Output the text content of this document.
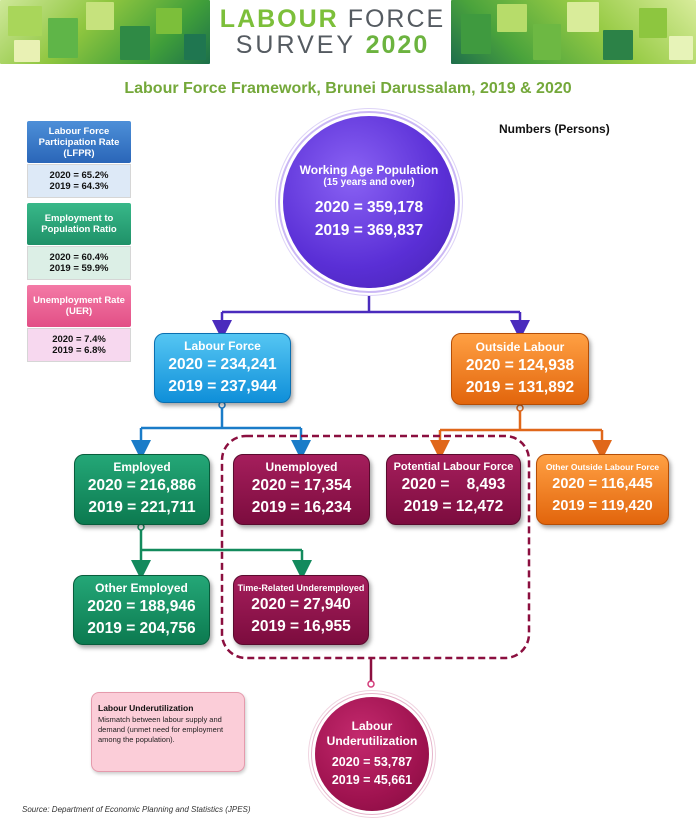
LABOUR FORCE
SURVEY 2020
Labour Force Framework, Brunei Darussalam, 2019 & 2020
Numbers (Persons)
Labour Force Participation Rate (LFPR)
2020 = 65.2%
2019 = 64.3%
Employment to Population Ratio
2020 = 60.4%
2019 = 59.9%
Unemployment Rate (UER)
2020 = 7.4%
2019 = 6.8%
Working Age Population
(15 years and over)
2020 = 359,178
2019 = 369,837
Labour Force
2020 = 234,241
2019 = 237,944
Outside Labour
2020 = 124,938
2019 = 131,892
Employed
2020 = 216,886
2019 = 221,711
Unemployed
2020 = 17,354
2019 = 16,234
Potential Labour Force
2020 =    8,493
2019 = 12,472
Other Outside Labour Force
2020 = 116,445
2019 = 119,420
Other Employed
2020 = 188,946
2019 = 204,756
Time-Related Underemployed
2020 = 27,940
2019 = 16,955
Labour
Underutilization
2020 = 53,787
2019 = 45,661
Labour Underutilization
Mismatch between labour supply and demand (unmet need for employment among the population).
Source: Department of Economic Planning and Statistics (JPES)
